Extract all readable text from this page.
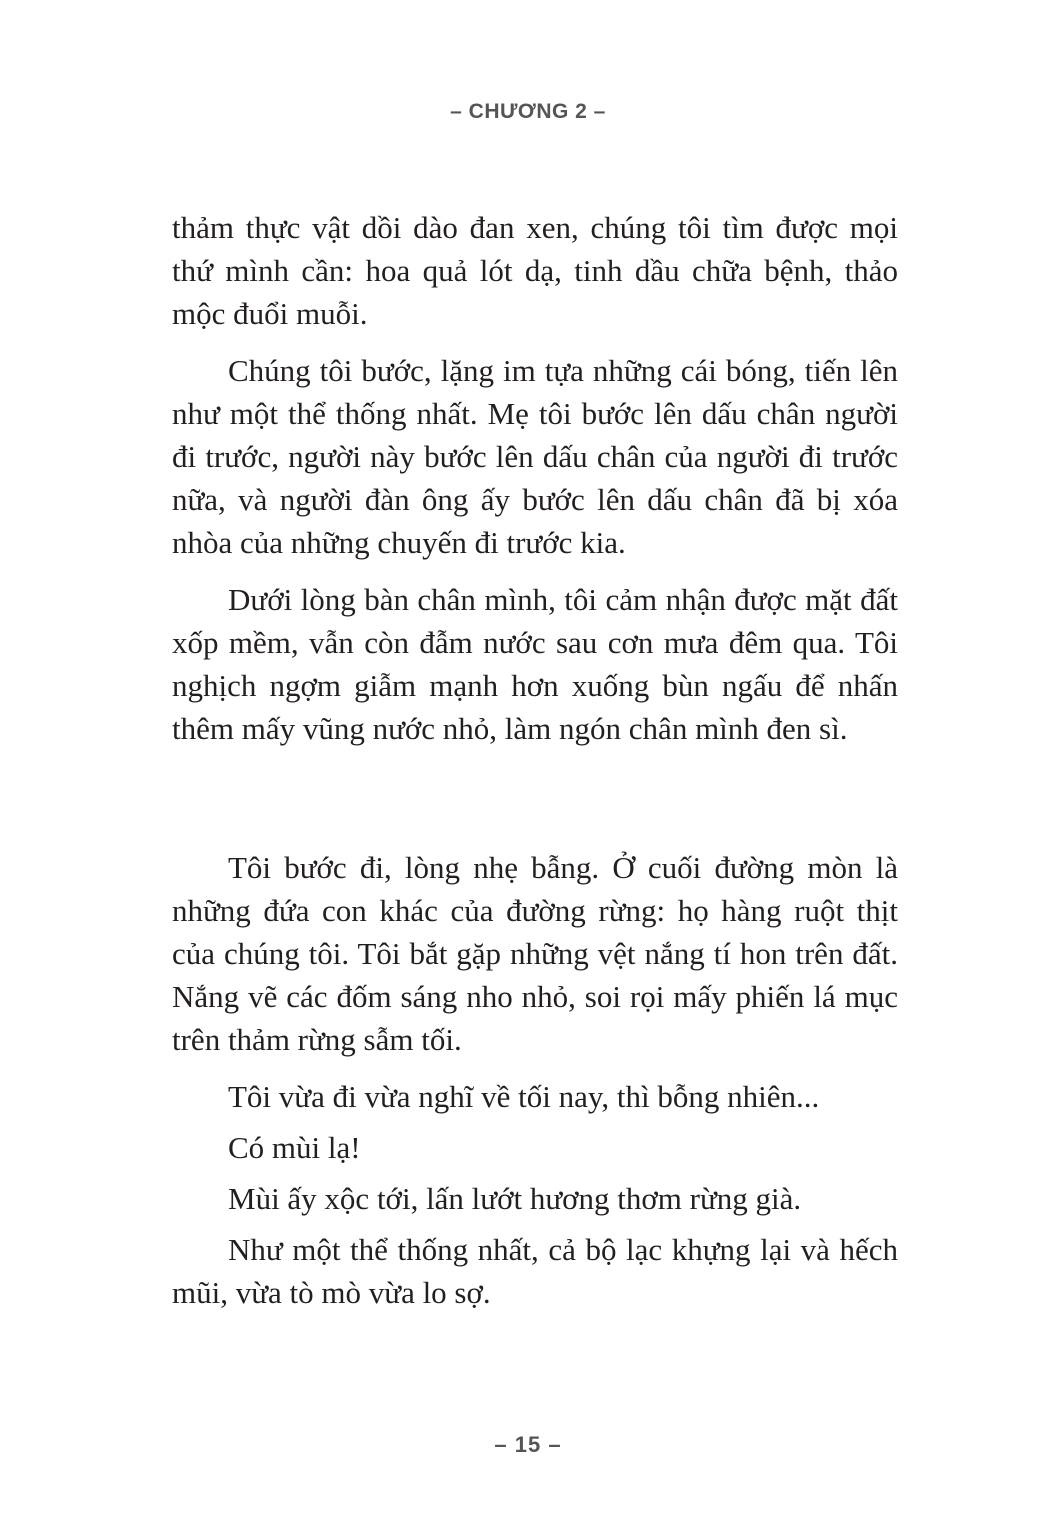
– CHƯƠNG 2 –

thảm thực vật dồi dào đan xen, chúng tôi tìm được mọi thứ mình cần: hoa quả lót dạ, tinh dầu chữa bệnh, thảo mộc đuổi muỗi.

Chúng tôi bước, lặng im tựa những cái bóng, tiến lên như một thể thống nhất. Mẹ tôi bước lên dấu chân người đi trước, người này bước lên dấu chân của người đi trước nữa, và người đàn ông ấy bước lên dấu chân đã bị xóa nhòa của những chuyến đi trước kia.

Dưới lòng bàn chân mình, tôi cảm nhận được mặt đất xốp mềm, vẫn còn đẫm nước sau cơn mưa đêm qua. Tôi nghịch ngợm giẫm mạnh hơn xuống bùn ngấu để nhấn thêm mấy vũng nước nhỏ, làm ngón chân mình đen sì.

Tôi bước đi, lòng nhẹ bẫng. Ở cuối đường mòn là những đứa con khác của đường rừng: họ hàng ruột thịt của chúng tôi. Tôi bắt gặp những vệt nắng tí hon trên đất. Nắng vẽ các đốm sáng nho nhỏ, soi rọi mấy phiến lá mục trên thảm rừng sẫm tối.

Tôi vừa đi vừa nghĩ về tối nay, thì bỗng nhiên...

Có mùi lạ!

Mùi ấy xộc tới, lấn lướt hương thơm rừng già.

Như một thể thống nhất, cả bộ lạc khựng lại và hếch mũi, vừa tò mò vừa lo sợ.

– 15 –
